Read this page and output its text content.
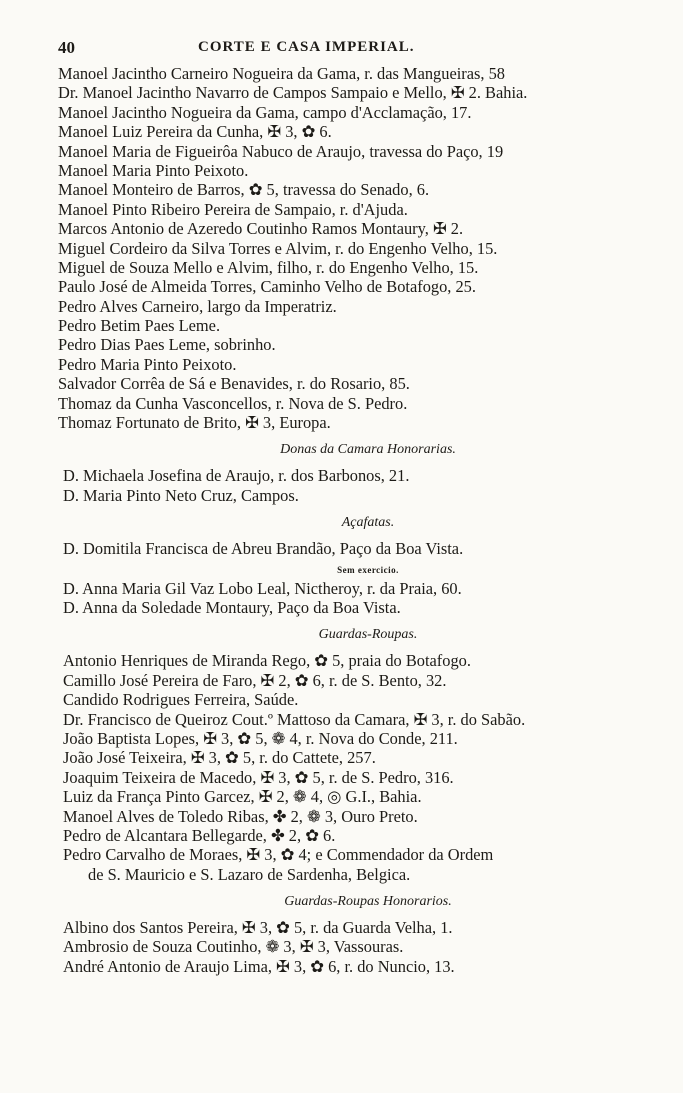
40	CORTE E CASA IMPERIAL.
Manoel Jacintho Carneiro Nogueira da Gama, r. das Mangueiras, 58
Dr. Manoel Jacintho Navarro de Campos Sampaio e Mello, ✠ 2. Bahia.
Manoel Jacintho Nogueira da Gama, campo d'Acclamação, 17.
Manoel Luiz Pereira da Cunha, ✠ 3, ✿ 6.
Manoel Maria de Figueirôa Nabuco de Araujo, travessa do Paço, 19
Manoel Maria Pinto Peixoto.
Manoel Monteiro de Barros, ✿ 5, travessa do Senado, 6.
Manoel Pinto Ribeiro Pereira de Sampaio, r. d'Ajuda.
Marcos Antonio de Azeredo Coutinho Ramos Montaury, ✠ 2.
Miguel Cordeiro da Silva Torres e Alvim, r. do Engenho Velho, 15.
Miguel de Souza Mello e Alvim, filho, r. do Engenho Velho, 15.
Paulo José de Almeida Torres, Caminho Velho de Botafogo, 25.
Pedro Alves Carneiro, largo da Imperatriz.
Pedro Betim Paes Leme.
Pedro Dias Paes Leme, sobrinho.
Pedro Maria Pinto Peixoto.
Salvador Corrêa de Sá e Benavides, r. do Rosario, 85.
Thomaz da Cunha Vasconcellos, r. Nova de S. Pedro.
Thomaz Fortunato de Brito, ✠ 3, Europa.
Donas da Camara Honorarias.
D. Michaela Josefina de Araujo, r. dos Barbonos, 21.
D. Maria Pinto Neto Cruz, Campos.
Açafatas.
D. Domitila Francisca de Abreu Brandão, Paço da Boa Vista.
Sem exercicio.
D. Anna Maria Gil Vaz Lobo Leal, Nictheroy, r. da Praia, 60.
D. Anna da Soledade Montaury, Paço da Boa Vista.
Guardas-Roupas.
Antonio Henriques de Miranda Rego, ✿ 5, praia do Botafogo.
Camillo José Pereira de Faro, ✠ 2, ✿ 6, r. de S. Bento, 32.
Candido Rodrigues Ferreira, Saúde.
Dr. Francisco de Queiroz Cout.º Mattoso da Camara, ✠ 3, r. do Sabão.
João Baptista Lopes, ✠ 3, ✿ 5, ❁ 4, r. Nova do Conde, 211.
João José Teixeira, ✠ 3, ✿ 5, r. do Cattete, 257.
Joaquim Teixeira de Macedo, ✠ 3, ✿ 5, r. de S. Pedro, 316.
Luiz da França Pinto Garcez, ✠ 2, ❁ 4, ◎ G.I., Bahia.
Manoel Alves de Toledo Ribas, ✤ 2, ❁ 3, Ouro Preto.
Pedro de Alcantara Bellegarde, ✤ 2, ✿ 6.
Pedro Carvalho de Moraes, ✠ 3, ✿ 4; e Commendador da Ordem
de S. Mauricio e S. Lazaro de Sardenha, Belgica.
Guardas-Roupas Honorarios.
Albino dos Santos Pereira, ✠ 3, ✿ 5, r. da Guarda Velha, 1.
Ambrosio de Souza Coutinho, ❁ 3, ✠ 3, Vassouras.
André Antonio de Araujo Lima, ✠ 3, ✿ 6, r. do Nuncio, 13.
